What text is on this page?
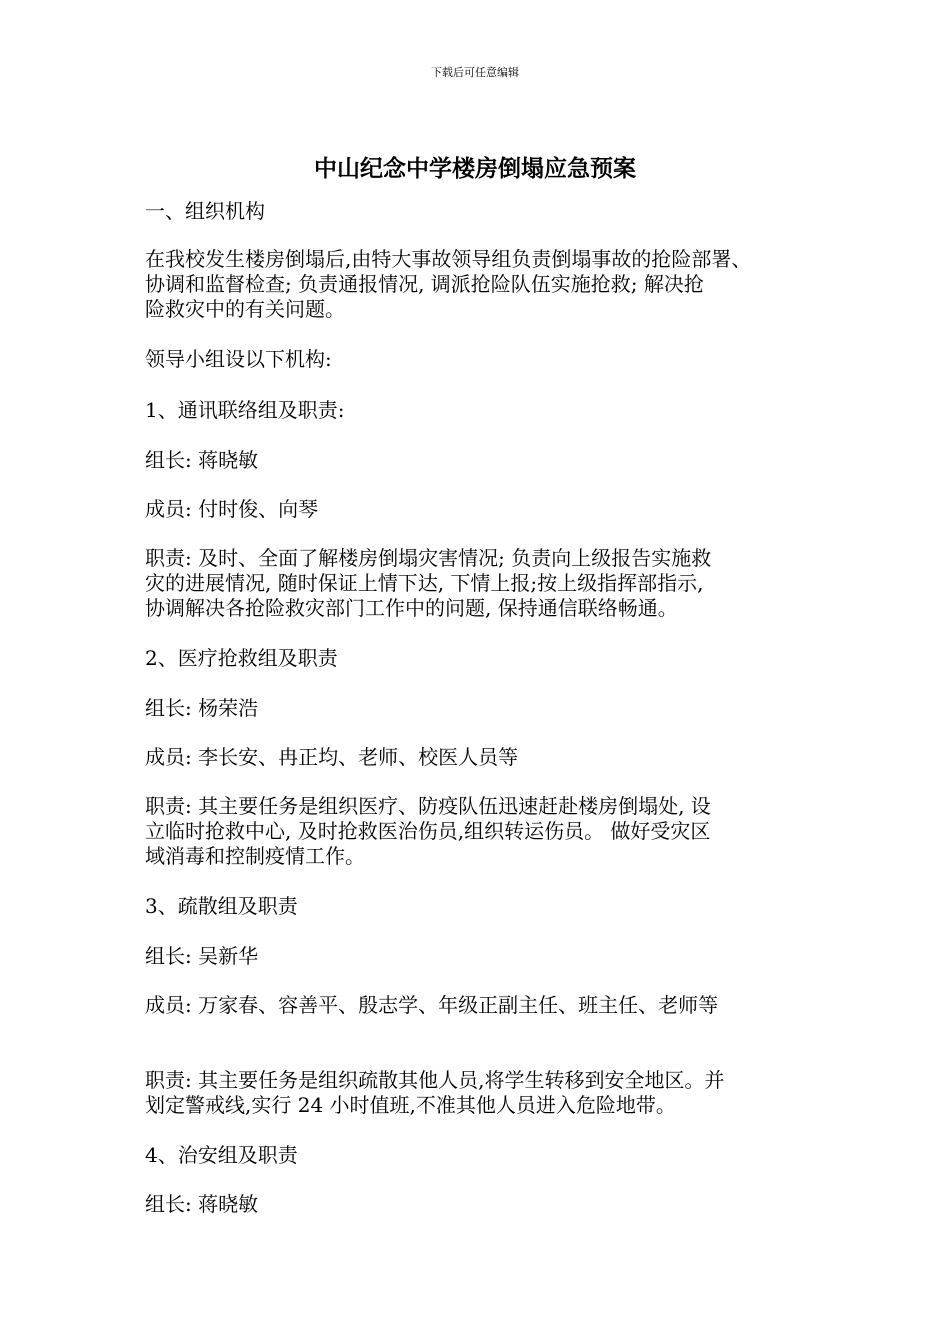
下载后可任意编辑
中山纪念中学楼房倒塌应急预案
一、组织机构
在我校发生楼房倒塌后,由特大事故领导组负责倒塌事故的抢险部署、
协调和监督检查; 负责通报情况, 调派抢险队伍实施抢救; 解决抢
险救灾中的有关问题。
领导小组设以下机构:
1、通讯联络组及职责:
组长: 蒋晓敏
成员: 付时俊、向琴
职责: 及时、全面了解楼房倒塌灾害情况; 负责向上级报告实施救
灾的进展情况, 随时保证上情下达, 下情上报;按上级指挥部指示,
协调解决各抢险救灾部门工作中的问题, 保持通信联络畅通。
2、医疗抢救组及职责
组长: 杨荣浩
成员: 李长安、冉正均、老师、校医人员等
职责: 其主要任务是组织医疗、防疫队伍迅速赶赴楼房倒塌处, 设
立临时抢救中心, 及时抢救医治伤员,组织转运伤员。 做好受灾区
域消毒和控制疫情工作。
3、疏散组及职责
组长: 吴新华
成员: 万家春、容善平、殷志学、年级正副主任、班主任、老师等
职责: 其主要任务是组织疏散其他人员,将学生转移到安全地区。并
划定警戒线,实行 24 小时值班,不准其他人员进入危险地带。
4、治安组及职责
组长: 蒋晓敏
